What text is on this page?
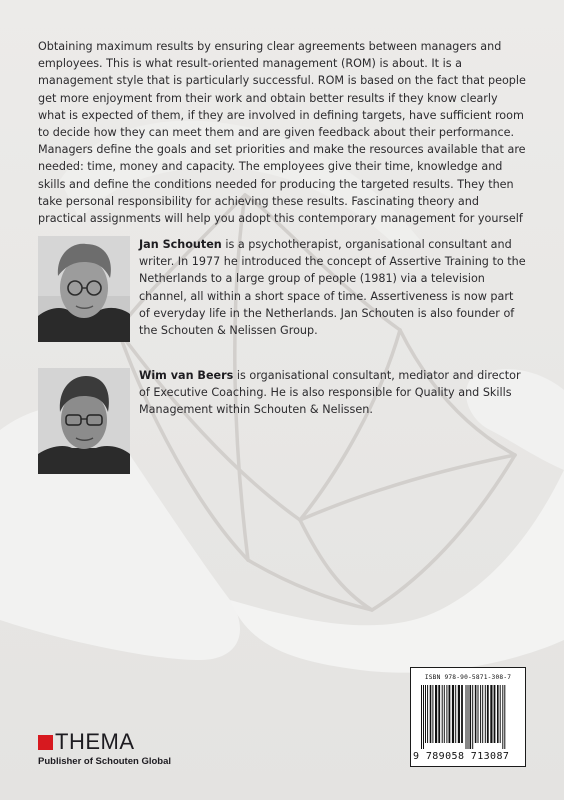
Obtaining maximum results by ensuring clear agreements between managers and employees. This is what result-oriented management (ROM) is about. It is a management style that is particularly successful. ROM is based on the fact that people get more enjoyment from their work and obtain better results if they know clearly what is expected of them, if they are involved in defining targets, have sufficient room to decide how they can meet them and are given feedback about their performance. Managers define the goals and set priorities and make the resources available that are needed: time, money and capacity. The employees give their time, knowledge and skills and define the conditions needed for producing the targeted results. They then take personal responsibility for achieving these results. Fascinating theory and practical assignments will help you adopt this contemporary management for yourself

Jan Schouten is a psychotherapist, organisational consultant and writer. In 1977 he introduced the concept of Assertive Training to the Netherlands to a large group of people (1981) via a television channel, all within a short space of time. Assertiveness is now part of everyday life in the Netherlands. Jan Schouten is also founder of the Schouten & Nelissen Group.

Wim van Beers is organisational consultant, mediator and director of Executive Coaching. He is also responsible for Quality and Skills Management within Schouten & Nelissen.

ISBN 978-90-5871-308-7
9 789058 713087
THEMA
Publisher of Schouten Global
